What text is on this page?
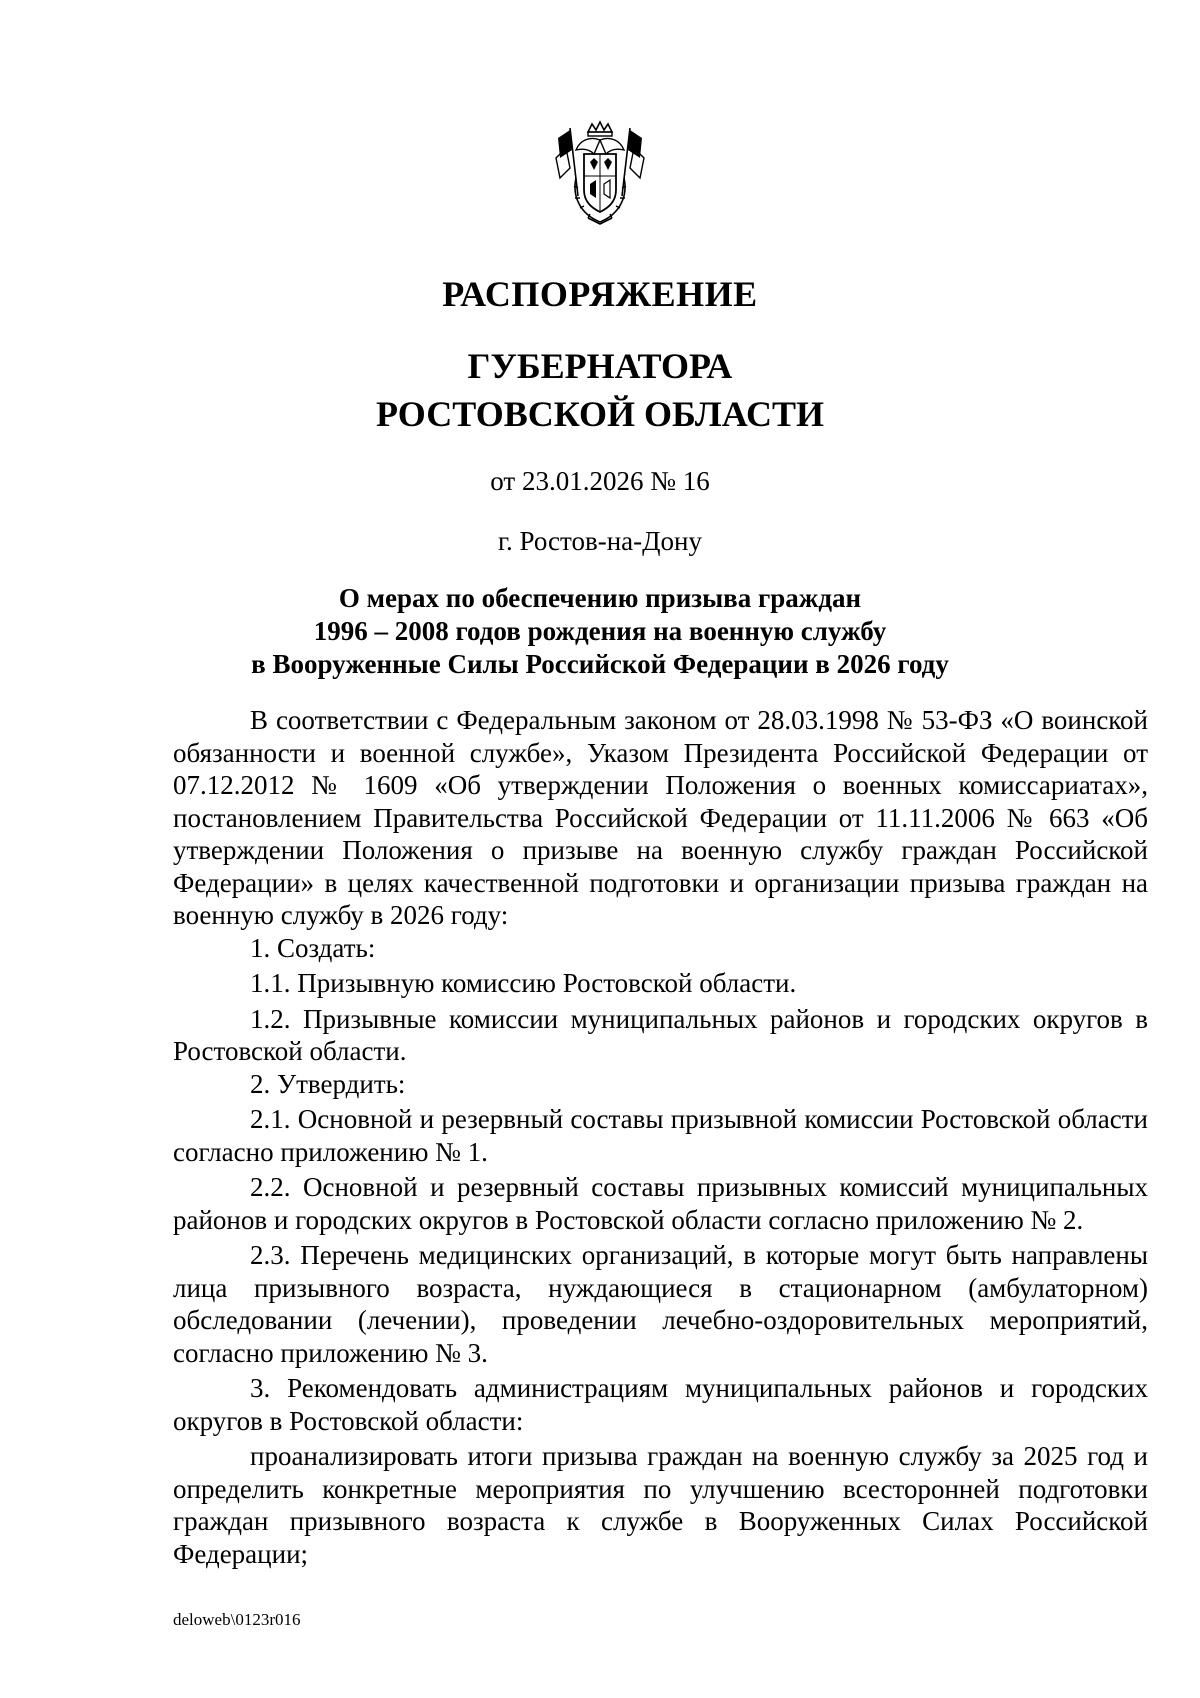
РАСПОРЯЖЕНИЕ
ГУБЕРНАТОРА
РОСТОВСКОЙ ОБЛАСТИ
от 23.01.2026 № 16
г. Ростов-на-Дону
О мерах по обеспечению призыва граждан
1996 – 2008 годов рождения на военную службу
в Вооруженные Силы Российской Федерации в 2026 году

В соответствии с Федеральным законом от 28.03.1998 № 53-ФЗ «О воинской обязанности и военной службе», Указом Президента Российской Федерации от 07.12.2012 № 1609 «Об утверждении Положения о военных комиссариатах», постановлением Правительства Российской Федерации от 11.11.2006 № 663 «Об утверждении Положения о призыве на военную службу граждан Российской Федерации» в целях качественной подготовки и организации призыва граждан на военную службу в 2026 году:

1. Создать:

1.1. Призывную комиссию Ростовской области.

1.2. Призывные комиссии муниципальных районов и городских округов в Ростовской области.

2. Утвердить:

2.1. Основной и резервный составы призывной комиссии Ростовской области согласно приложению № 1.

2.2. Основной и резервный составы призывных комиссий муниципальных районов и городских округов в Ростовской области согласно приложению № 2.

2.3. Перечень медицинских организаций, в которые могут быть направлены лица призывного возраста, нуждающиеся в стационарном (амбулаторном) обследовании (лечении), проведении лечебно-оздоровительных мероприятий, согласно приложению № 3.

3. Рекомендовать администрациям муниципальных районов и городских округов в Ростовской области:

проанализировать итоги призыва граждан на военную службу за 2025 год и определить конкретные мероприятия по улучшению всесторонней подготовки граждан призывного возраста к службе в Вооруженных Силах Российской Федерации;

deloweb\0123r016
